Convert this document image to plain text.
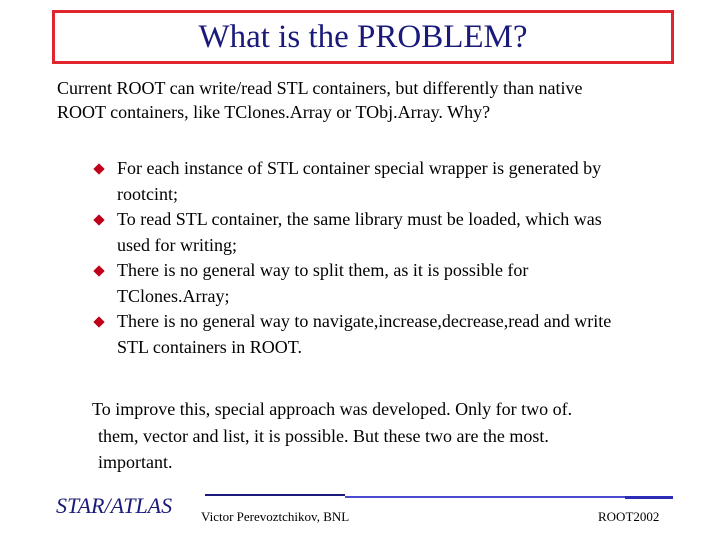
What is the PROBLEM?

Current ROOT can write/read STL containers, but differently than native
ROOT containers, like TClones.Array or TObj.Array. Why?

For each instance of STL container special wrapper is generated by
rootcint;
To read STL container, the same library must be loaded, which was
used for writing;
There is no general way to split them, as it is possible for
TClones.Array;
There is no general way to navigate,increase,decrease,read and write
STL containers in ROOT.

To improve this, special approach was developed. Only for two of.
them, vector and list, it is possible. But these two are the most.
important.

STAR/ATLAS Victor Perevoztchikov, BNL	ROOT2002
